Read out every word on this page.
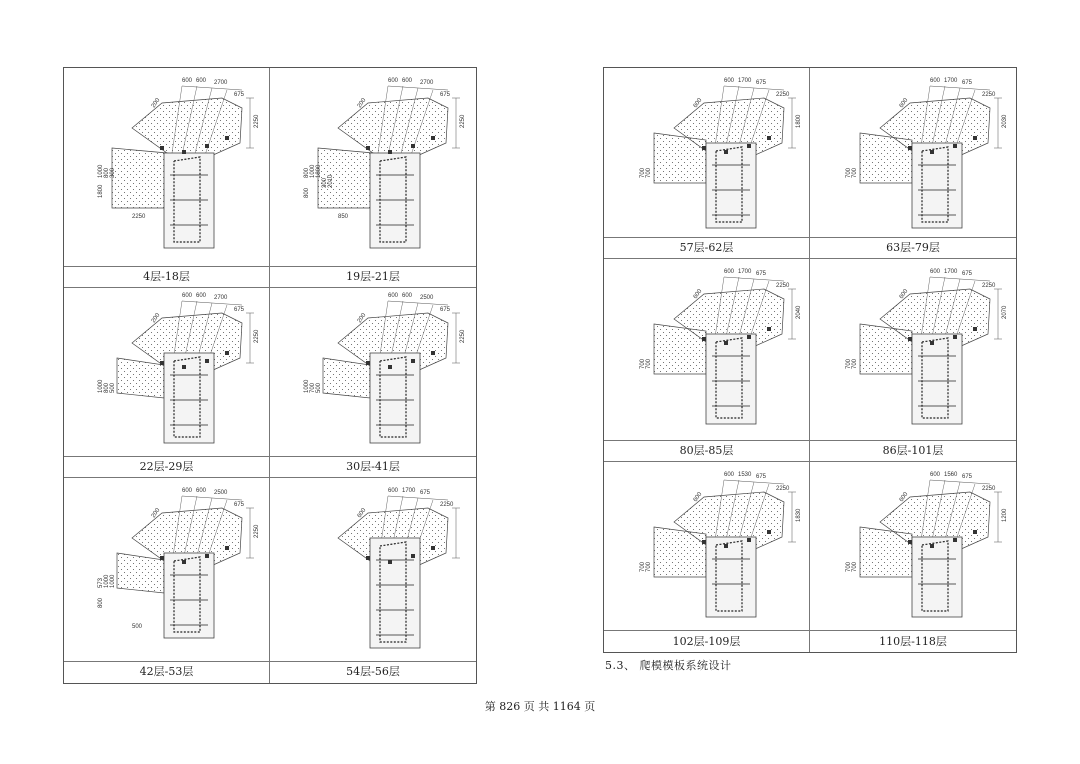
200
600 600 2700
675
2250
1000 800 300
1800
2250
200
600 600 2700
675
2250
800 1000 1800
800
850
300 2010
200
600 600 2700
675
2250
1000 800 500
200
600 600 2500
675
2250
1000 700 500
200
600 600 2500
675
2250
573 1000 1000
800
500
600
600 1700 675
2250
600
600 1700 675
2250
1800
700 700
600
600 1700 675
2250
2030
700 700
600
600 1700 675
2250
2040
700 700
600
600 1700 675
2250
2070
700 700
600
600 1530 675
2250
1830
700 700
600
600 1560 675
2250
1200
700 700
4层-18层	19层-21层
22层-29层	30层-41层
42层-53层	54层-56层
57层-62层	63层-79层
80层-85层	86层-101层
102层-109层	110层-118层
5.3、 爬模模板系统设计
第 826 页 共 1164 页
